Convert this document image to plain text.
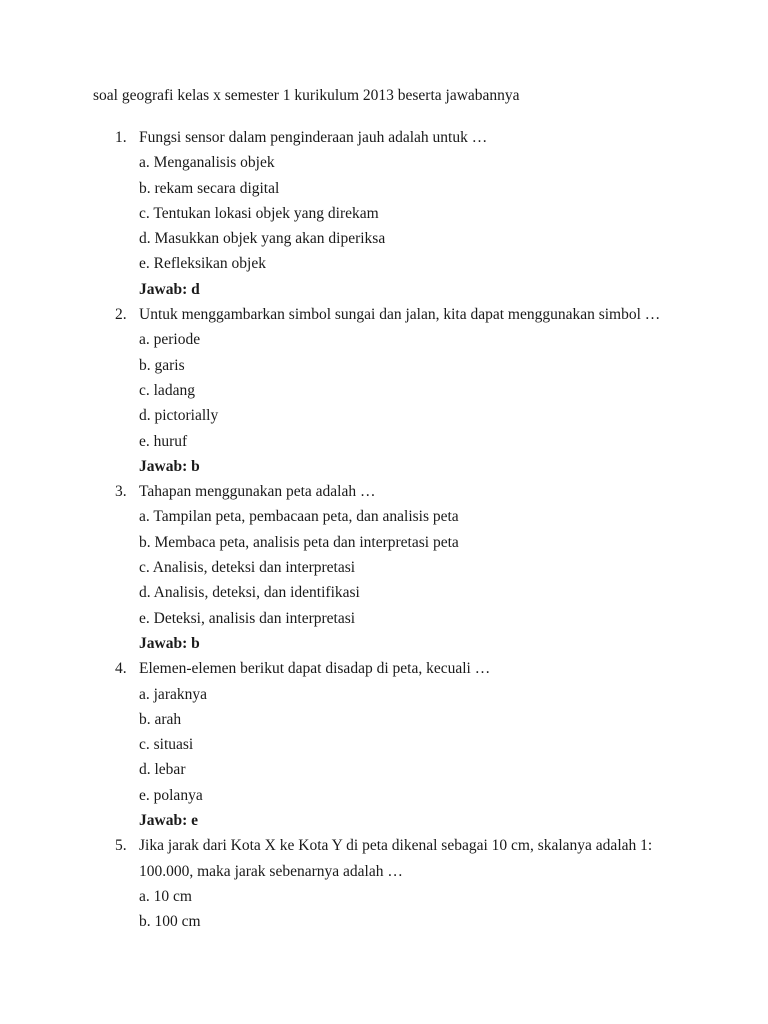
soal geografi kelas x semester 1 kurikulum 2013 beserta jawabannya
1. Fungsi sensor dalam penginderaan jauh adalah untuk …
a. Menganalisis objek
b. rekam secara digital
c. Tentukan lokasi objek yang direkam
d. Masukkan objek yang akan diperiksa
e. Refleksikan objek
Jawab: d
2. Untuk menggambarkan simbol sungai dan jalan, kita dapat menggunakan simbol …
a. periode
b. garis
c. ladang
d. pictorially
e. huruf
Jawab: b
3. Tahapan menggunakan peta adalah …
a. Tampilan peta, pembacaan peta, dan analisis peta
b. Membaca peta, analisis peta dan interpretasi peta
c. Analisis, deteksi dan interpretasi
d. Analisis, deteksi, dan identifikasi
e. Deteksi, analisis dan interpretasi
Jawab: b
4. Elemen-elemen berikut dapat disadap di peta, kecuali …
a. jaraknya
b. arah
c. situasi
d. lebar
e. polanya
Jawab: e
5. Jika jarak dari Kota X ke Kota Y di peta dikenal sebagai 10 cm, skalanya adalah 1:
100.000, maka jarak sebenarnya adalah …
a. 10 cm
b. 100 cm
